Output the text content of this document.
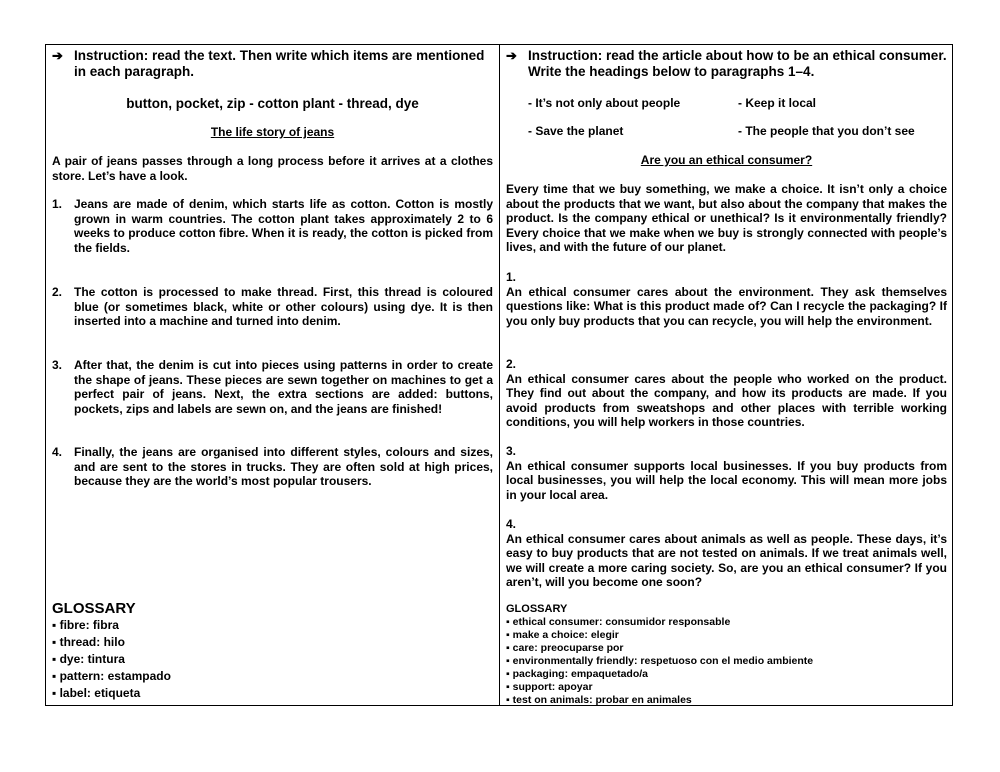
➔ Instruction: read the text. Then write which items are mentioned in each paragraph.
button, pocket, zip - cotton plant - thread, dye
The life story of jeans
A pair of jeans passes through a long process before it arrives at a clothes store. Let’s have a look.
1. Jeans are made of denim, which starts life as cotton. Cotton is mostly grown in warm countries. The cotton plant takes approximately 2 to 6 weeks to produce cotton fibre. When it is ready, the cotton is picked from the fields.
2. The cotton is processed to make thread. First, this thread is coloured blue (or sometimes black, white or other colours) using dye. It is then inserted into a machine and turned into denim.
3. After that, the denim is cut into pieces using patterns in order to create the shape of jeans. These pieces are sewn together on machines to get a perfect pair of jeans. Next, the extra sections are added: buttons, pockets, zips and labels are sewn on, and the jeans are finished!
4. Finally, the jeans are organised into different styles, colours and sizes, and are sent to the stores in trucks. They are often sold at high prices, because they are the world’s most popular trousers.
GLOSSARY
▪ fibre: fibra
▪ thread: hilo
▪ dye: tintura
▪ pattern: estampado
▪ label: etiqueta
➔ Instruction: read the article about how to be an ethical consumer. Write the headings below to paragraphs 1–4.
- It’s not only about people	- Keep it local
- Save the planet	- The people that you don’t see
Are you an ethical consumer?
Every time that we buy something, we make a choice. It isn’t only a choice about the products that we want, but also about the company that makes the product. Is the company ethical or unethical? Is it environmentally friendly? Every choice that we make when we buy is strongly connected with people’s lives, and with the future of our planet.
1.
An ethical consumer cares about the environment. They ask themselves questions like: What is this product made of? Can I recycle the packaging? If you only buy products that you can recycle, you will help the environment.
2.
An ethical consumer cares about the people who worked on the product. They find out about the company, and how its products are made. If you avoid products from sweatshops and other places with terrible working conditions, you will help workers in those countries.
3.
An ethical consumer supports local businesses. If you buy products from local businesses, you will help the local economy. This will mean more jobs in your local area.
4.
An ethical consumer cares about animals as well as people. These days, it’s easy to buy products that are not tested on animals. If we treat animals well, we will create a more caring society. So, are you an ethical consumer? If you aren’t, will you become one soon?
GLOSSARY
▪ ethical consumer: consumidor responsable
▪ make a choice: elegir
▪ care: preocuparse por
▪ environmentally friendly: respetuoso con el medio ambiente
▪ packaging: empaquetado/a
▪ support: apoyar
▪ test on animals: probar en animales
